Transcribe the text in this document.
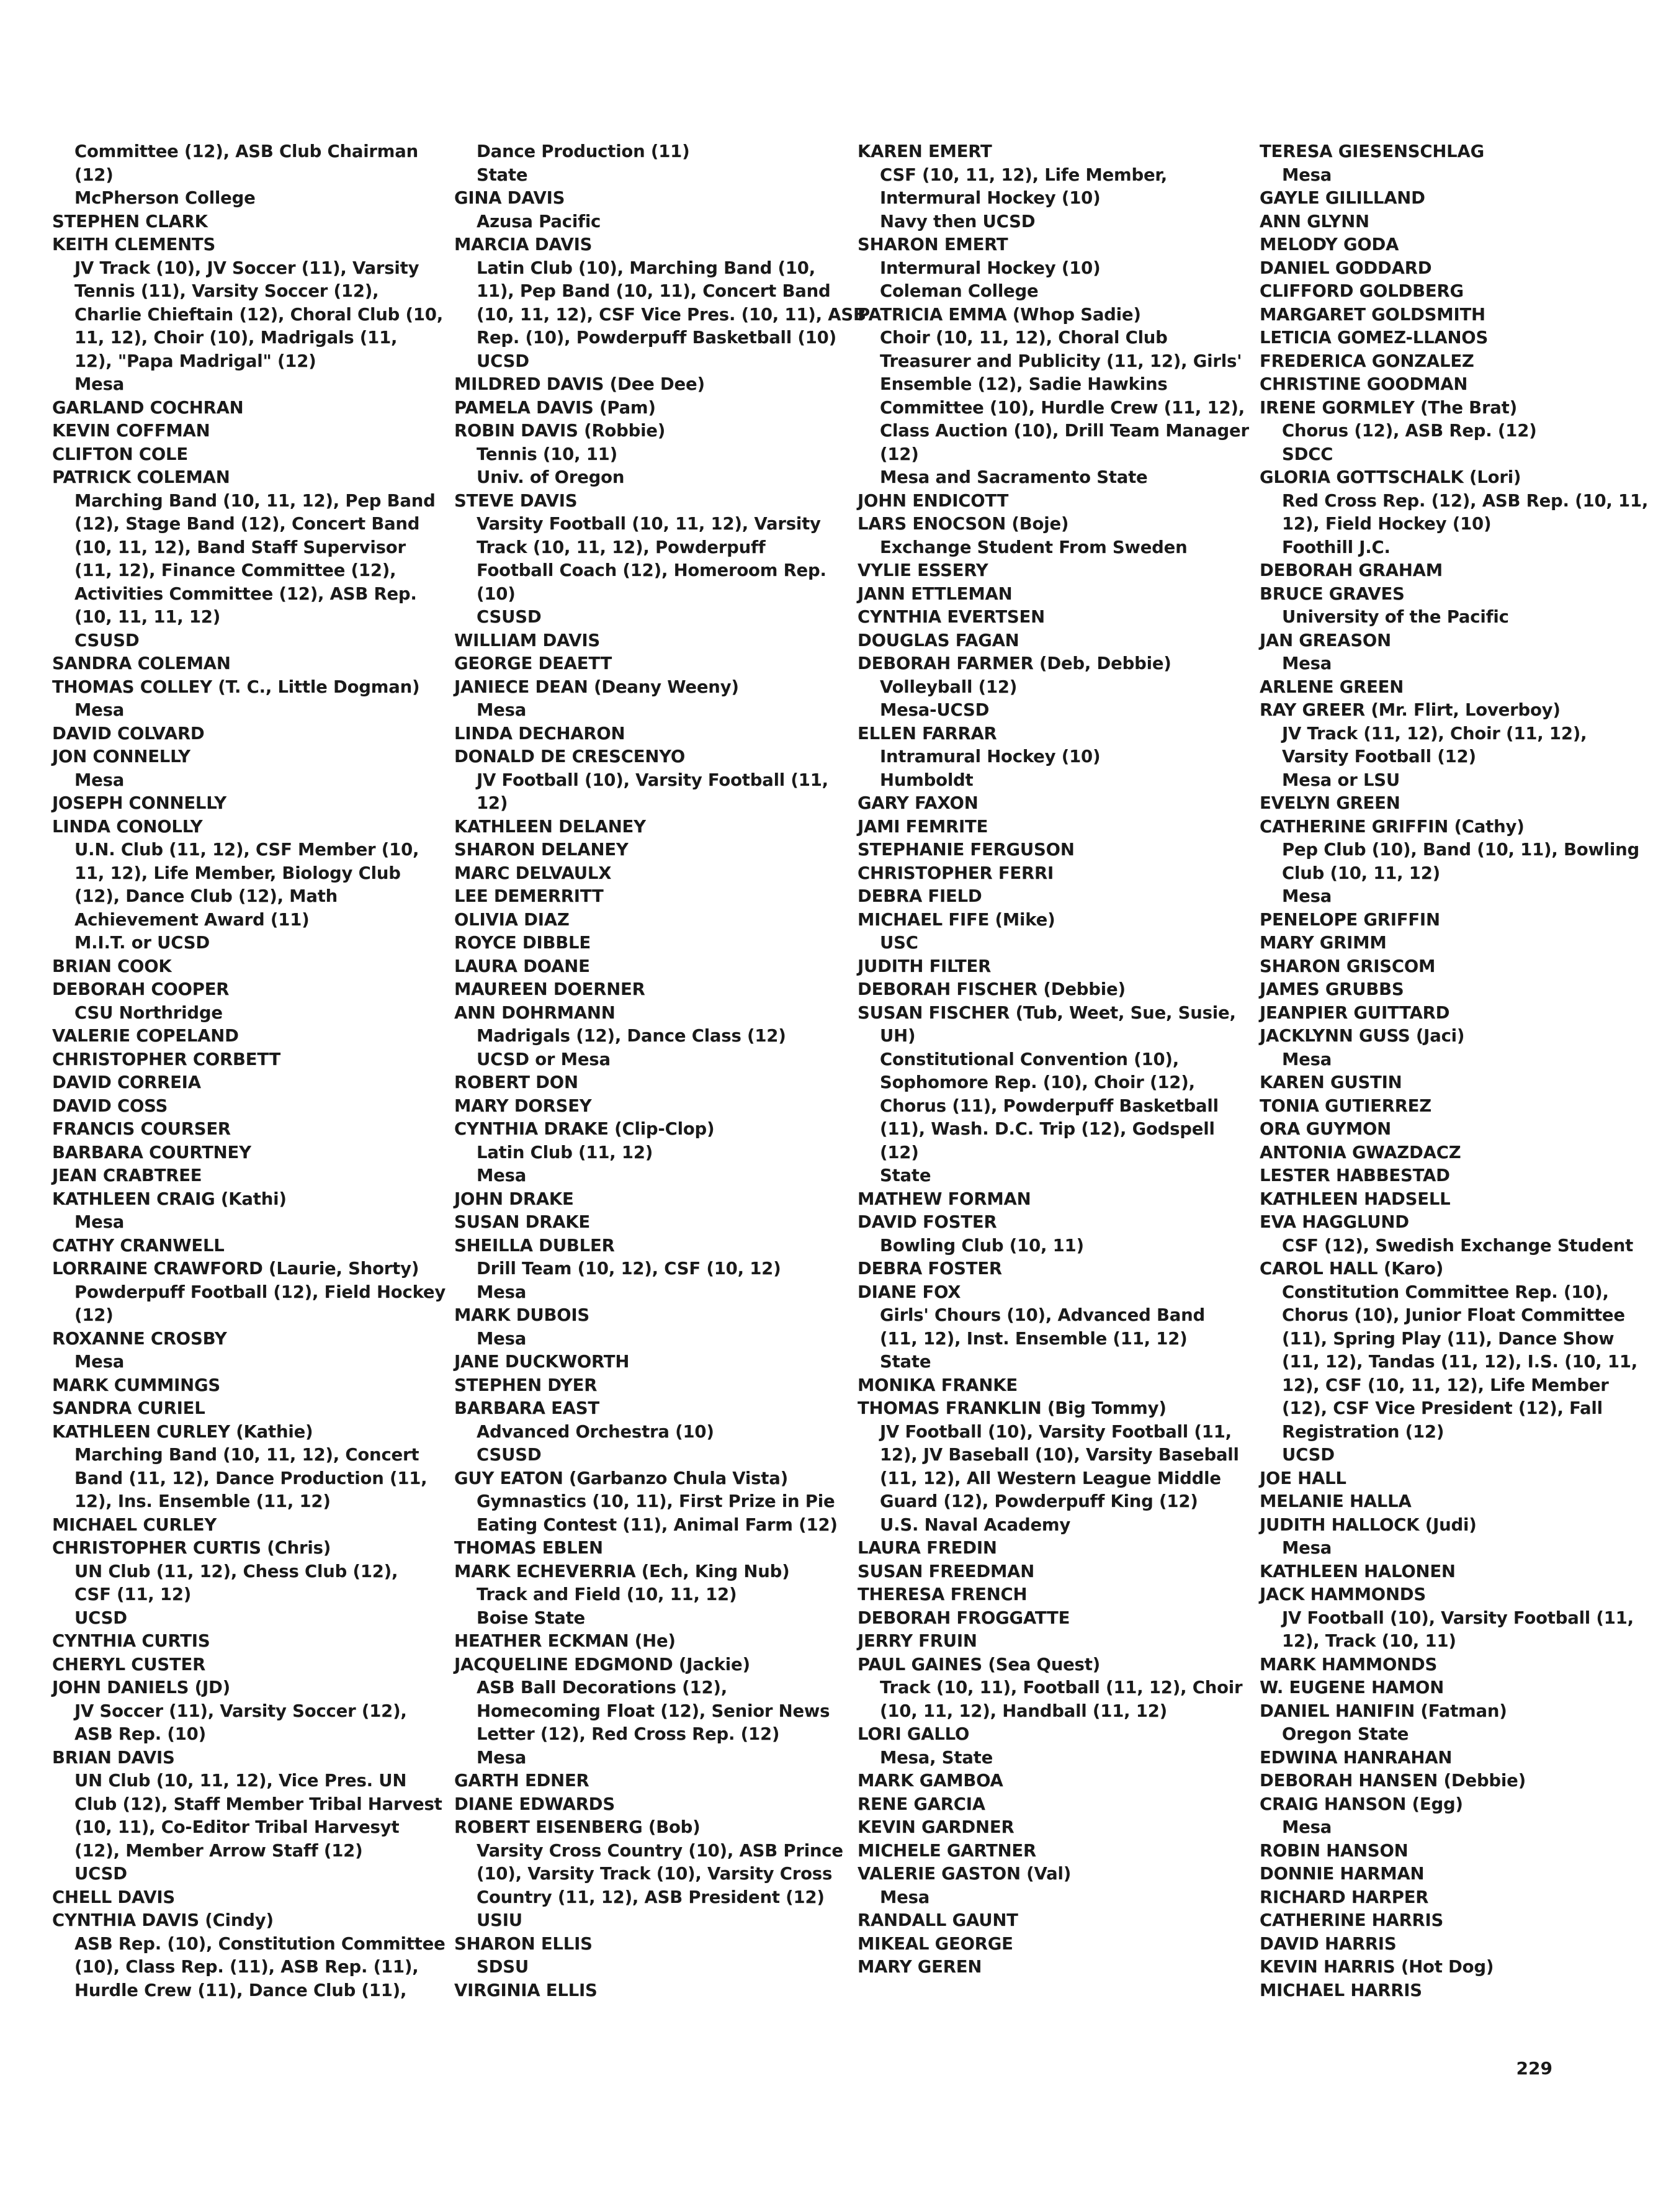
Committee (12), ASB Club Chairman
(12)
McPherson College
STEPHEN CLARK
KEITH CLEMENTS
JV Track (10), JV Soccer (11), Varsity
Tennis (11), Varsity Soccer (12),
Charlie Chieftain (12), Choral Club (10,
11, 12), Choir (10), Madrigals (11,
12), "Papa Madrigal" (12)
Mesa
GARLAND COCHRAN
KEVIN COFFMAN
CLIFTON COLE
PATRICK COLEMAN
Marching Band (10, 11, 12), Pep Band
(12), Stage Band (12), Concert Band
(10, 11, 12), Band Staff Supervisor
(11, 12), Finance Committee (12),
Activities Committee (12), ASB Rep.
(10, 11, 11, 12)
CSUSD
SANDRA COLEMAN
THOMAS COLLEY (T. C., Little Dogman)
Mesa
DAVID COLVARD
JON CONNELLY
Mesa
JOSEPH CONNELLY
LINDA CONOLLY
U.N. Club (11, 12), CSF Member (10,
11, 12), Life Member, Biology Club
(12), Dance Club (12), Math
Achievement Award (11)
M.I.T. or UCSD
BRIAN COOK
DEBORAH COOPER
CSU Northridge
VALERIE COPELAND
CHRISTOPHER CORBETT
DAVID CORREIA
DAVID COSS
FRANCIS COURSER
BARBARA COURTNEY
JEAN CRABTREE
KATHLEEN CRAIG (Kathi)
Mesa
CATHY CRANWELL
LORRAINE CRAWFORD (Laurie, Shorty)
Powderpuff Football (12), Field Hockey
(12)
ROXANNE CROSBY
Mesa
MARK CUMMINGS
SANDRA CURIEL
KATHLEEN CURLEY (Kathie)
Marching Band (10, 11, 12), Concert
Band (11, 12), Dance Production (11,
12), Ins. Ensemble (11, 12)
MICHAEL CURLEY
CHRISTOPHER CURTIS (Chris)
UN Club (11, 12), Chess Club (12),
CSF (11, 12)
UCSD
CYNTHIA CURTIS
CHERYL CUSTER
JOHN DANIELS (JD)
JV Soccer (11), Varsity Soccer (12),
ASB Rep. (10)
BRIAN DAVIS
UN Club (10, 11, 12), Vice Pres. UN
Club (12), Staff Member Tribal Harvest
(10, 11), Co-Editor Tribal Harvesyt
(12), Member Arrow Staff (12)
UCSD
CHELL DAVIS
CYNTHIA DAVIS (Cindy)
ASB Rep. (10), Constitution Committee
(10), Class Rep. (11), ASB Rep. (11),
Hurdle Crew (11), Dance Club (11),
Dance Production (11)
State
GINA DAVIS
Azusa Pacific
MARCIA DAVIS
Latin Club (10), Marching Band (10,
11), Pep Band (10, 11), Concert Band
(10, 11, 12), CSF Vice Pres. (10, 11), ASB
Rep. (10), Powderpuff Basketball (10)
UCSD
MILDRED DAVIS (Dee Dee)
PAMELA DAVIS (Pam)
ROBIN DAVIS (Robbie)
Tennis (10, 11)
Univ. of Oregon
STEVE DAVIS
Varsity Football (10, 11, 12), Varsity
Track (10, 11, 12), Powderpuff
Football Coach (12), Homeroom Rep.
(10)
CSUSD
WILLIAM DAVIS
GEORGE DEAETT
JANIECE DEAN (Deany Weeny)
Mesa
LINDA DECHARON
DONALD DE CRESCENYO
JV Football (10), Varsity Football (11,
12)
KATHLEEN DELANEY
SHARON DELANEY
MARC DELVAULX
LEE DEMERRITT
OLIVIA DIAZ
ROYCE DIBBLE
LAURA DOANE
MAUREEN DOERNER
ANN DOHRMANN
Madrigals (12), Dance Class (12)
UCSD or Mesa
ROBERT DON
MARY DORSEY
CYNTHIA DRAKE (Clip-Clop)
Latin Club (11, 12)
Mesa
JOHN DRAKE
SUSAN DRAKE
SHEILLA DUBLER
Drill Team (10, 12), CSF (10, 12)
Mesa
MARK DUBOIS
Mesa
JANE DUCKWORTH
STEPHEN DYER
BARBARA EAST
Advanced Orchestra (10)
CSUSD
GUY EATON (Garbanzo Chula Vista)
Gymnastics (10, 11), First Prize in Pie
Eating Contest (11), Animal Farm (12)
THOMAS EBLEN
MARK ECHEVERRIA (Ech, King Nub)
Track and Field (10, 11, 12)
Boise State
HEATHER ECKMAN (He)
JACQUELINE EDGMOND (Jackie)
ASB Ball Decorations (12),
Homecoming Float (12), Senior News
Letter (12), Red Cross Rep. (12)
Mesa
GARTH EDNER
DIANE EDWARDS
ROBERT EISENBERG (Bob)
Varsity Cross Country (10), ASB Prince
(10), Varsity Track (10), Varsity Cross
Country (11, 12), ASB President (12)
USIU
SHARON ELLIS
SDSU
VIRGINIA ELLIS
KAREN EMERT
CSF (10, 11, 12), Life Member,
Intermural Hockey (10)
Navy then UCSD
SHARON EMERT
Intermural Hockey (10)
Coleman College
PATRICIA EMMA (Whop Sadie)
Choir (10, 11, 12), Choral Club
Treasurer and Publicity (11, 12), Girls'
Ensemble (12), Sadie Hawkins
Committee (10), Hurdle Crew (11, 12),
Class Auction (10), Drill Team Manager
(12)
Mesa and Sacramento State
JOHN ENDICOTT
LARS ENOCSON (Boje)
Exchange Student From Sweden
VYLIE ESSERY
JANN ETTLEMAN
CYNTHIA EVERTSEN
DOUGLAS FAGAN
DEBORAH FARMER (Deb, Debbie)
Volleyball (12)
Mesa-UCSD
ELLEN FARRAR
Intramural Hockey (10)
Humboldt
GARY FAXON
JAMI FEMRITE
STEPHANIE FERGUSON
CHRISTOPHER FERRI
DEBRA FIELD
MICHAEL FIFE (Mike)
USC
JUDITH FILTER
DEBORAH FISCHER (Debbie)
SUSAN FISCHER (Tub, Weet, Sue, Susie,
UH)
Constitutional Convention (10),
Sophomore Rep. (10), Choir (12),
Chorus (11), Powderpuff Basketball
(11), Wash. D.C. Trip (12), Godspell
(12)
State
MATHEW FORMAN
DAVID FOSTER
Bowling Club (10, 11)
DEBRA FOSTER
DIANE FOX
Girls' Chours (10), Advanced Band
(11, 12), Inst. Ensemble (11, 12)
State
MONIKA FRANKE
THOMAS FRANKLIN (Big Tommy)
JV Football (10), Varsity Football (11,
12), JV Baseball (10), Varsity Baseball
(11, 12), All Western League Middle
Guard (12), Powderpuff King (12)
U.S. Naval Academy
LAURA FREDIN
SUSAN FREEDMAN
THERESA FRENCH
DEBORAH FROGGATTE
JERRY FRUIN
PAUL GAINES (Sea Quest)
Track (10, 11), Football (11, 12), Choir
(10, 11, 12), Handball (11, 12)
LORI GALLO
Mesa, State
MARK GAMBOA
RENE GARCIA
KEVIN GARDNER
MICHELE GARTNER
VALERIE GASTON (Val)
Mesa
RANDALL GAUNT
MIKEAL GEORGE
MARY GEREN
TERESA GIESENSCHLAG
Mesa
GAYLE GILILLAND
ANN GLYNN
MELODY GODA
DANIEL GODDARD
CLIFFORD GOLDBERG
MARGARET GOLDSMITH
LETICIA GOMEZ-LLANOS
FREDERICA GONZALEZ
CHRISTINE GOODMAN
IRENE GORMLEY (The Brat)
Chorus (12), ASB Rep. (12)
SDCC
GLORIA GOTTSCHALK (Lori)
Red Cross Rep. (12), ASB Rep. (10, 11,
12), Field Hockey (10)
Foothill J.C.
DEBORAH GRAHAM
BRUCE GRAVES
University of the Pacific
JAN GREASON
Mesa
ARLENE GREEN
RAY GREER (Mr. Flirt, Loverboy)
JV Track (11, 12), Choir (11, 12),
Varsity Football (12)
Mesa or LSU
EVELYN GREEN
CATHERINE GRIFFIN (Cathy)
Pep Club (10), Band (10, 11), Bowling
Club (10, 11, 12)
Mesa
PENELOPE GRIFFIN
MARY GRIMM
SHARON GRISCOM
JAMES GRUBBS
JEANPIER GUITTARD
JACKLYNN GUSS (Jaci)
Mesa
KAREN GUSTIN
TONIA GUTIERREZ
ORA GUYMON
ANTONIA GWAZDACZ
LESTER HABBESTAD
KATHLEEN HADSELL
EVA HAGGLUND
CSF (12), Swedish Exchange Student
CAROL HALL (Karo)
Constitution Committee Rep. (10),
Chorus (10), Junior Float Committee
(11), Spring Play (11), Dance Show
(11, 12), Tandas (11, 12), I.S. (10, 11,
12), CSF (10, 11, 12), Life Member
(12), CSF Vice President (12), Fall
Registration (12)
UCSD
JOE HALL
MELANIE HALLA
JUDITH HALLOCK (Judi)
Mesa
KATHLEEN HALONEN
JACK HAMMONDS
JV Football (10), Varsity Football (11,
12), Track (10, 11)
MARK HAMMONDS
W. EUGENE HAMON
DANIEL HANIFIN (Fatman)
Oregon State
EDWINA HANRAHAN
DEBORAH HANSEN (Debbie)
CRAIG HANSON (Egg)
Mesa
ROBIN HANSON
DONNIE HARMAN
RICHARD HARPER
CATHERINE HARRIS
DAVID HARRIS
KEVIN HARRIS (Hot Dog)
MICHAEL HARRIS
229
